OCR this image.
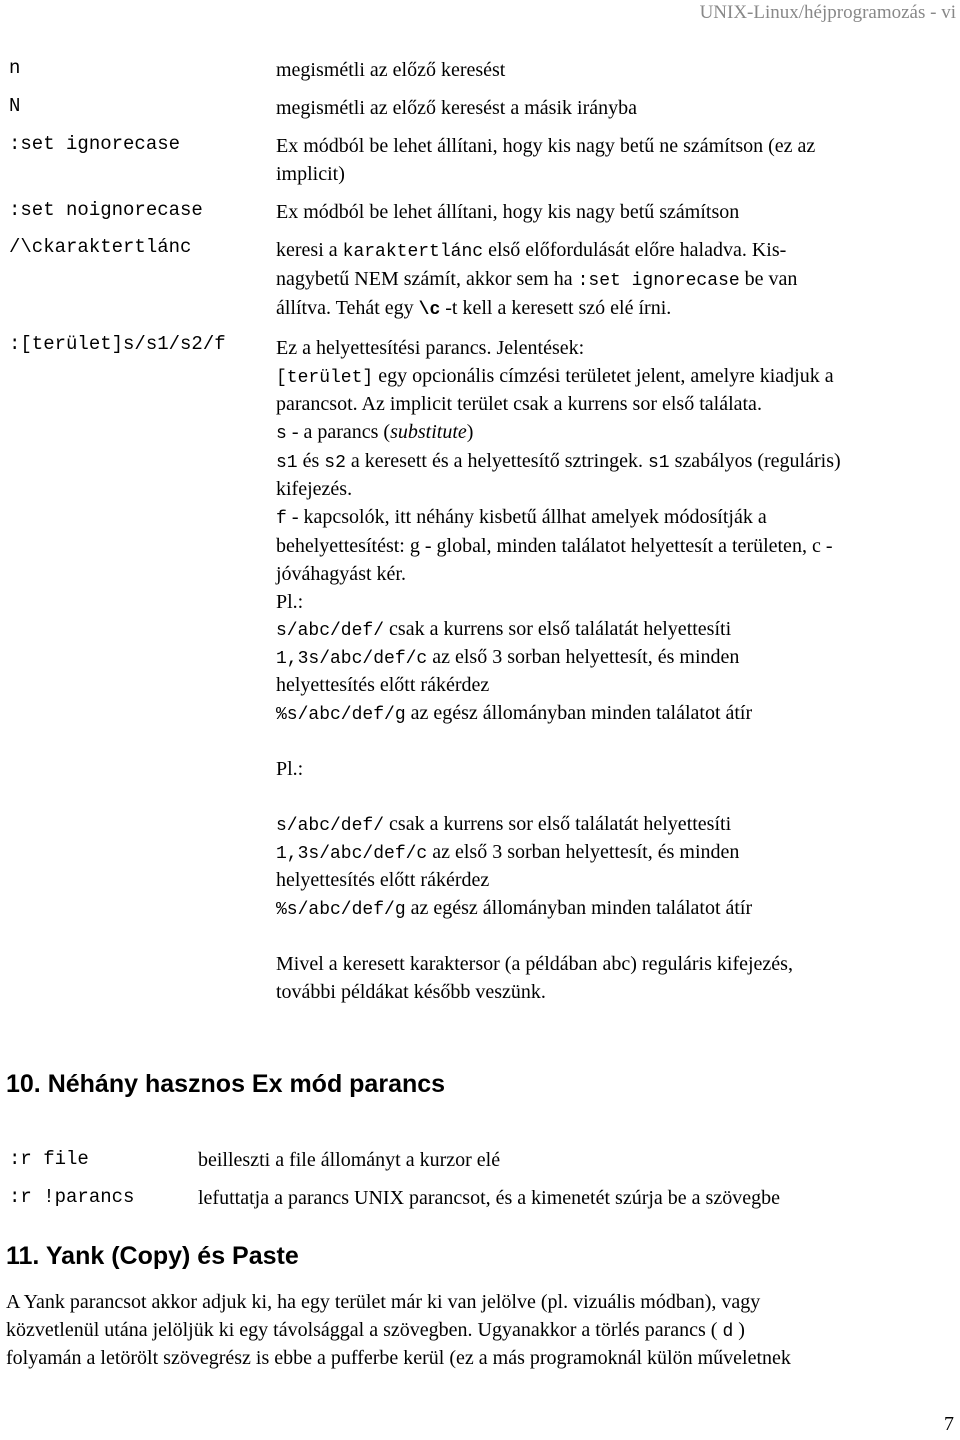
UNIX-Linux/héjprogramozás - vi
n
N
:set ignorecase
:set noignorecase
/\ckaraktertlánc
:[terület]s/s1/s2/f
megismétli az előző keresést
megismétli az előző keresést a másik irányba
Ex módból be lehet állítani, hogy kis nagy betű ne számítson (ez az
implicit)
Ex módból be lehet állítani, hogy kis nagy betű számítson
keresi a karaktertlánc első előfordulását előre haladva. Kis-
nagybetű NEM számít, akkor sem ha :set ignorecase be van
állítva. Tehát egy \c -t kell a keresett szó elé írni.
Ez a helyettesítési parancs. Jelentések:
[terület] egy opcionális címzési területet jelent, amelyre kiadjuk a
parancsot. Az implicit terület csak a kurrens sor első találata.
s - a parancs (substitute)
s1 és s2 a keresett és a helyettesítő sztringek. s1 szabályos (reguláris)
kifejezés.
f - kapcsolók, itt néhány kisbetű állhat amelyek módosítják a
behelyettesítést: g - global, minden találatot helyettesít a területen, c -
jóváhagyást kér.
Pl.:
s/abc/def/ csak a kurrens sor első találatát helyettesíti
1,3s/abc/def/c az első 3 sorban helyettesít, és minden
helyettesítés előtt rákérdez
%s/abc/def/g az egész állományban minden találatot átír
Pl.:
s/abc/def/ csak a kurrens sor első találatát helyettesíti
1,3s/abc/def/c az első 3 sorban helyettesít, és minden
helyettesítés előtt rákérdez
%s/abc/def/g az egész állományban minden találatot átír
Mivel a keresett karaktersor (a példában abc) reguláris kifejezés,
további példákat később veszünk.
10. Néhány hasznos Ex mód parancs
:r file	beilleszti a file állományt a kurzor elé
:r !parancs	lefuttatja a parancs UNIX parancsot, és a kimenetét szúrja be a szövegbe
11. Yank (Copy) és Paste
A Yank parancsot akkor adjuk ki, ha egy terület már ki van jelölve (pl. vizuális módban), vagy
közvetlenül utána jelöljük ki egy távolsággal a szövegben. Ugyanakkor a törlés parancs ( d )
folyamán a letörölt szövegrész is ebbe a pufferbe kerül (ez a más programoknál külön műveletnek
7
